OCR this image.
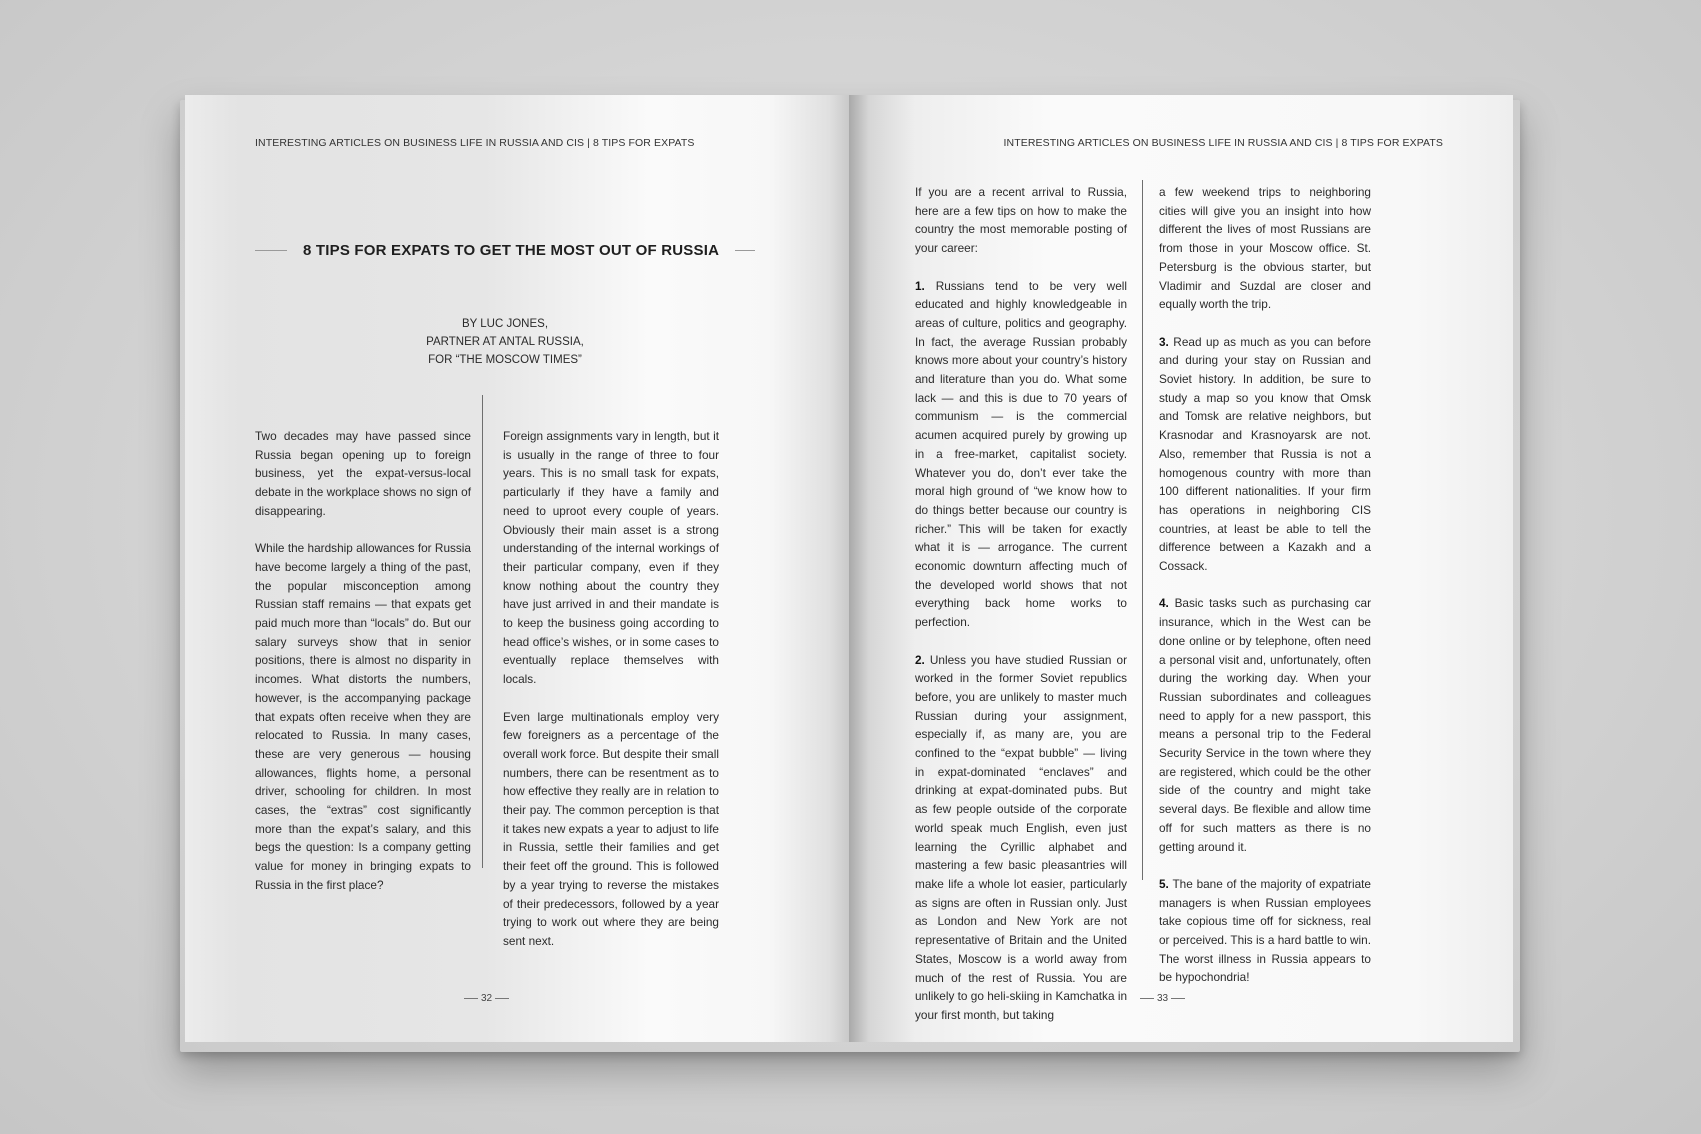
INTERESTING ARTICLES ON BUSINESS LIFE IN RUSSIA AND CIS | 8 TIPS FOR EXPATS
8 TIPS FOR EXPATS TO GET THE MOST OUT OF RUSSIA
BY LUC JONES,
PARTNER AT ANTAL RUSSIA,
FOR “THE MOSCOW TIMES”

Two decades may have passed since Russia began opening up to foreign business, yet the expat-versus-local debate in the workplace shows no sign of disappearing.

While the hardship allowances for Russia have become largely a thing of the past, the popular misconception among Russian staff remains — that expats get paid much more than “locals” do. But our salary surveys show that in senior positions, there is almost no disparity in incomes. What distorts the numbers, however, is the accompanying package that expats often receive when they are relocated to Russia. In many cases, these are very generous — housing allowances, flights home, a personal driver, schooling for children. In most cases, the “extras” cost significantly more than the expat’s salary, and this begs the question: Is a company getting value for money in bringing expats to Russia in the first place?

Foreign assignments vary in length, but it is usually in the range of three to four years. This is no small task for expats, particularly if they have a family and need to uproot every couple of years. Obviously their main asset is a strong understanding of the internal workings of their particular company, even if they know nothing about the country they have just arrived in and their mandate is to keep the business going according to head office’s wishes, or in some cases to eventually replace themselves with locals.

Even large multinationals employ very few foreigners as a percentage of the overall work force. But despite their small numbers, there can be resentment as to how effective they really are in relation to their pay. The common perception is that it takes new expats a year to adjust to life in Russia, settle their families and get their feet off the ground. This is followed by a year trying to reverse the mistakes of their predecessors, followed by a year trying to work out where they are being sent next.

32
INTERESTING ARTICLES ON BUSINESS LIFE IN RUSSIA AND CIS | 8 TIPS FOR EXPATS

If you are a recent arrival to Russia, here are a few tips on how to make the country the most memorable posting of your career:

1. Russians tend to be very well educated and highly knowledgeable in areas of culture, politics and geography. In fact, the average Russian probably knows more about your country’s history and literature than you do. What some lack — and this is due to 70 years of communism — is the commercial acumen acquired purely by growing up in a free-market, capitalist society. Whatever you do, don’t ever take the moral high ground of “we know how to do things better because our country is richer.” This will be taken for exactly what it is — arrogance. The current economic downturn affecting much of the developed world shows that not everything back home works to perfection.

2. Unless you have studied Russian or worked in the former Soviet republics before, you are unlikely to master much Russian during your assignment, especially if, as many are, you are confined to the “expat bubble” — living in expat-dominated “enclaves” and drinking at expat-dominated pubs. But as few people outside of the corporate world speak much English, even just learning the Cyrillic alphabet and mastering a few basic pleasantries will make life a whole lot easier, particularly as signs are often in Russian only. Just as London and New York are not representative of Britain and the United States, Moscow is a world away from much of the rest of Russia. You are unlikely to go heli-skiing in Kamchatka in your first month, but taking

a few weekend trips to neighboring cities will give you an insight into how different the lives of most Russians are from those in your Moscow office. St. Petersburg is the obvious starter, but Vladimir and Suzdal are closer and equally worth the trip.

3. Read up as much as you can before and during your stay on Russian and Soviet history. In addition, be sure to study a map so you know that Omsk and Tomsk are relative neighbors, but Krasnodar and Krasnoyarsk are not. Also, remember that Russia is not a homogenous country with more than 100 different nationalities. If your firm has operations in neighboring CIS countries, at least be able to tell the difference between a Kazakh and a Cossack.

4. Basic tasks such as purchasing car insurance, which in the West can be done online or by telephone, often need a personal visit and, unfortunately, often during the working day. When your Russian subordinates and colleagues need to apply for a new passport, this means a personal trip to the Federal Security Service in the town where they are registered, which could be the other side of the country and might take several days. Be flexible and allow time off for such matters as there is no getting around it.

5. The bane of the majority of expatriate managers is when Russian employees take copious time off for sickness, real or perceived. This is a hard battle to win. The worst illness in Russia appears to be hypochondria!

33
